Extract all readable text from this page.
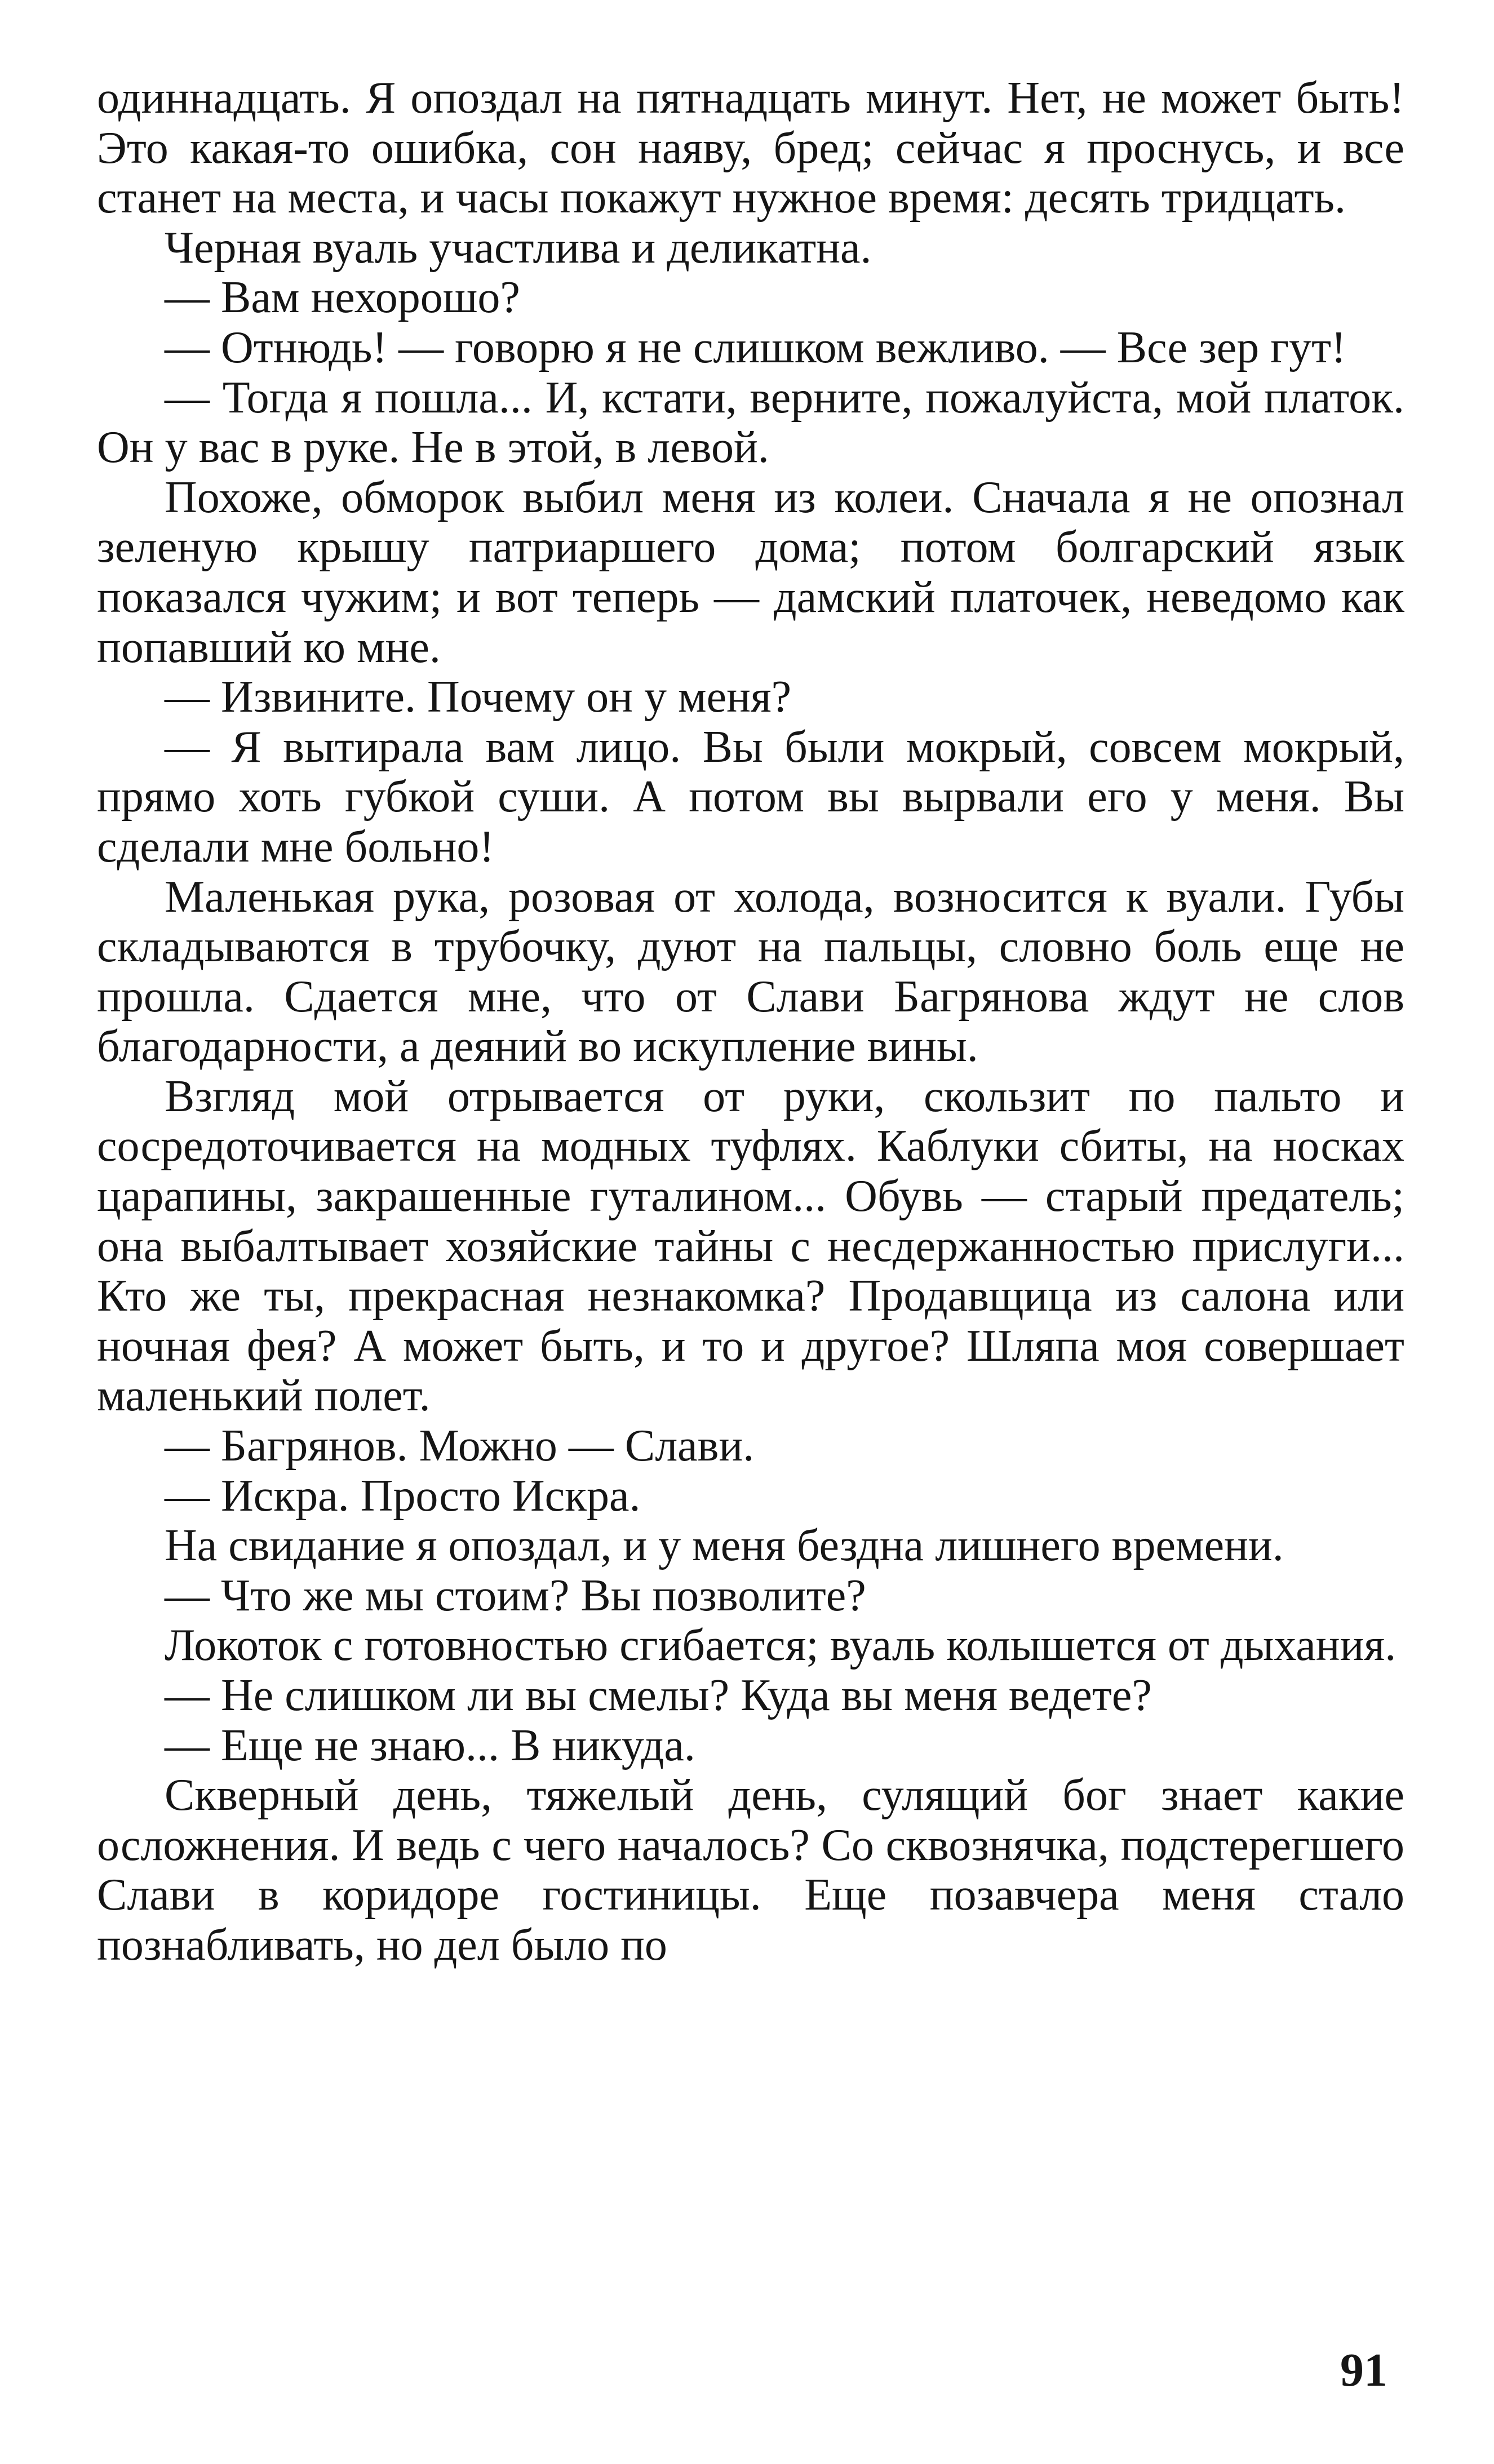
одиннадцать. Я опоздал на пятнадцать минут. Нет, не может быть! Это какая-то ошибка, сон наяву, бред; сейчас я проснусь, и все станет на места, и часы покажут нужное время: десять тридцать.

Черная вуаль участлива и деликатна.

— Вам нехорошо?

— Отнюдь! — говорю я не слишком вежливо. — Все зер гут!

— Тогда я пошла... И, кстати, верните, пожалуйста, мой платок. Он у вас в руке. Не в этой, в левой.

Похоже, обморок выбил меня из колеи. Сначала я не опознал зеленую крышу патриаршего дома; потом болгарский язык показался чужим; и вот теперь — дамский платочек, неведомо как попавший ко мне.

— Извините. Почему он у меня?

— Я вытирала вам лицо. Вы были мокрый, совсем мокрый, прямо хоть губкой суши. А потом вы вырвали его у меня. Вы сделали мне больно!

Маленькая рука, розовая от холода, возносится к вуали. Губы складываются в трубочку, дуют на пальцы, словно боль еще не прошла. Сдается мне, что от Слави Багрянова ждут не слов благодарности, а деяний во искупление вины.

Взгляд мой отрывается от руки, скользит по пальто и сосредоточивается на модных туфлях. Каблуки сбиты, на носках царапины, закрашенные гуталином... Обувь — старый предатель; она выбалтывает хозяйские тайны с несдержанностью прислуги... Кто же ты, прекрасная незнакомка? Продавщица из салона или ночная фея? А может быть, и то и другое? Шляпа моя совершает маленький полет.

— Багрянов. Можно — Слави.

— Искра. Просто Искра.

На свидание я опоздал, и у меня бездна лишнего времени.

— Что же мы стоим? Вы позволите?

Локоток с готовностью сгибается; вуаль колышется от дыхания.

— Не слишком ли вы смелы? Куда вы меня ведете?

— Еще не знаю... В никуда.

Скверный день, тяжелый день, сулящий бог знает какие осложнения. И ведь с чего началось? Со сквознячка, подстерегшего Слави в коридоре гостиницы. Еще позавчера меня стало познабливать, но дел было по

91
